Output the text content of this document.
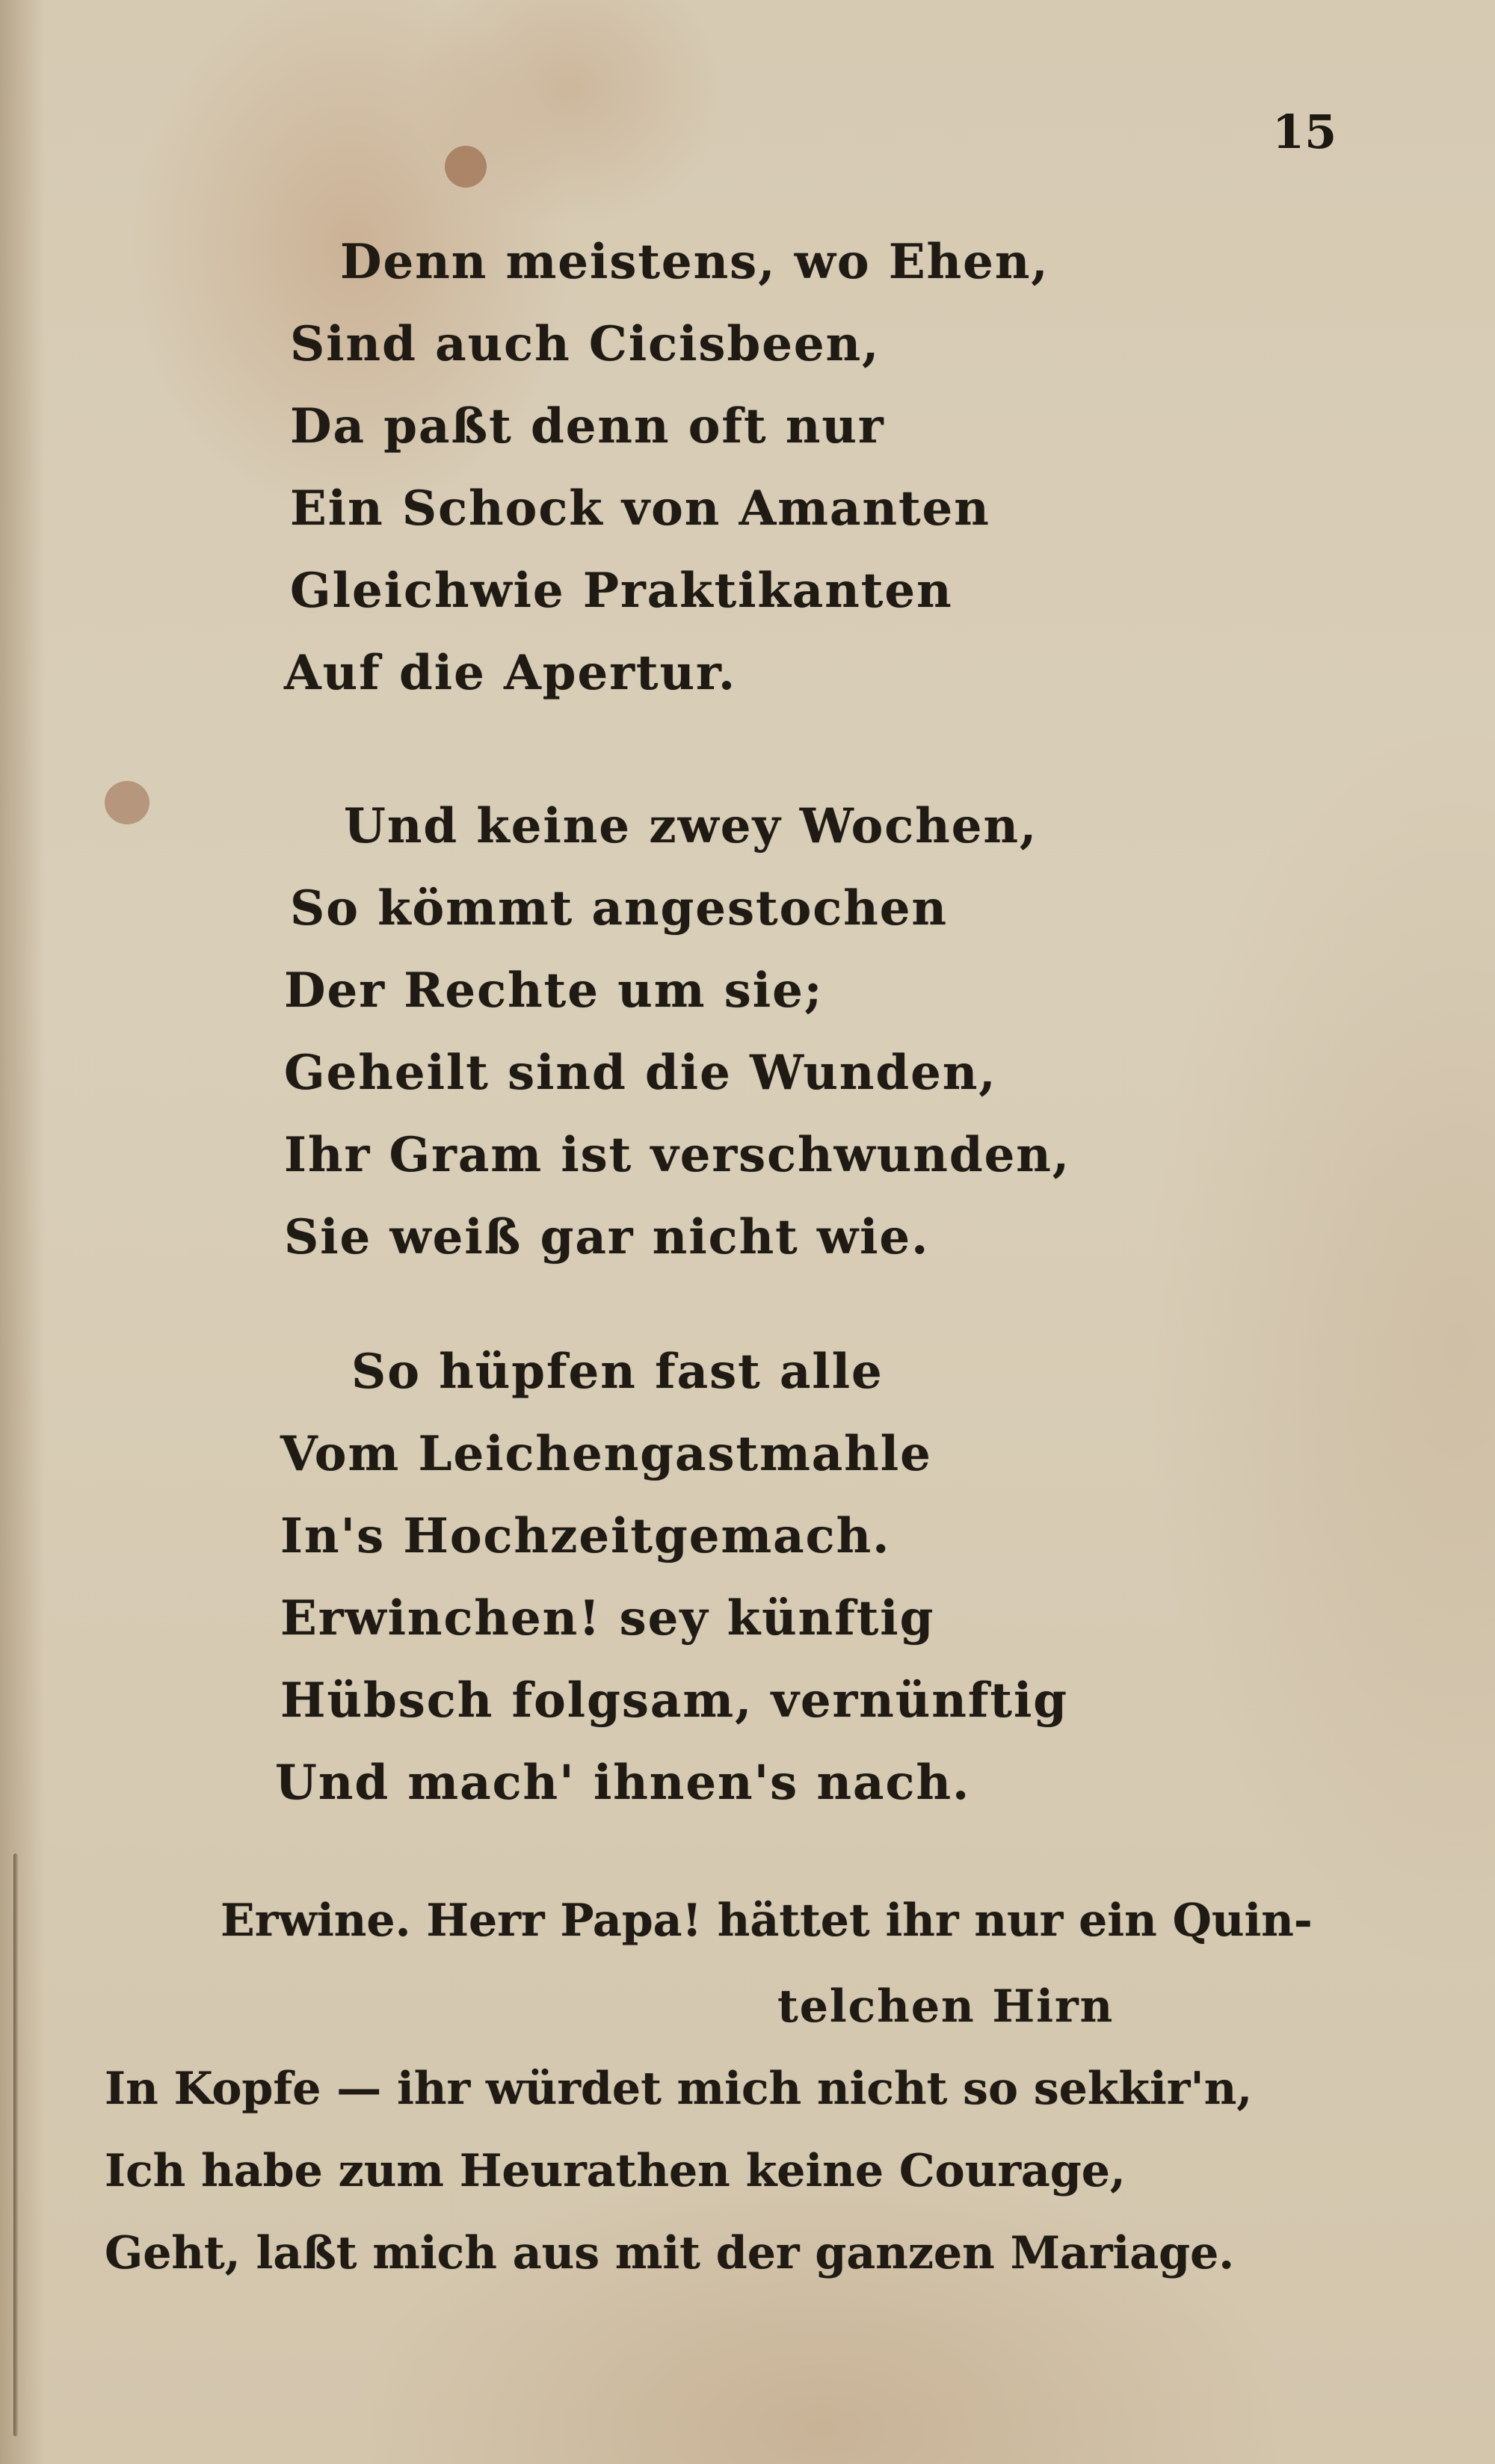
15

Denn meistens, wo Ehen,

Sind auch Cicisbeen,

Da paßt denn oft nur

Ein Schock von Amanten

Gleichwie Praktikanten

Auf die Apertur.

Und keine zwey Wochen,

So kömmt angestochen

Der Rechte um sie;

Geheilt sind die Wunden,

Ihr Gram ist verschwunden,

Sie weiß gar nicht wie.

So hüpfen fast alle

Vom Leichengastmahle

In's Hochzeitgemach.

Erwinchen! sey künftig

Hübsch folgsam, vernünftig

Und mach' ihnen's nach.

Erwine. Herr Papa! hättet ihr nur ein Quin-

telchen Hirn

In Kopfe — ihr würdet mich nicht so sekkir'n,

Ich habe zum Heurathen keine Courage,

Geht, laßt mich aus mit der ganzen Mariage.
